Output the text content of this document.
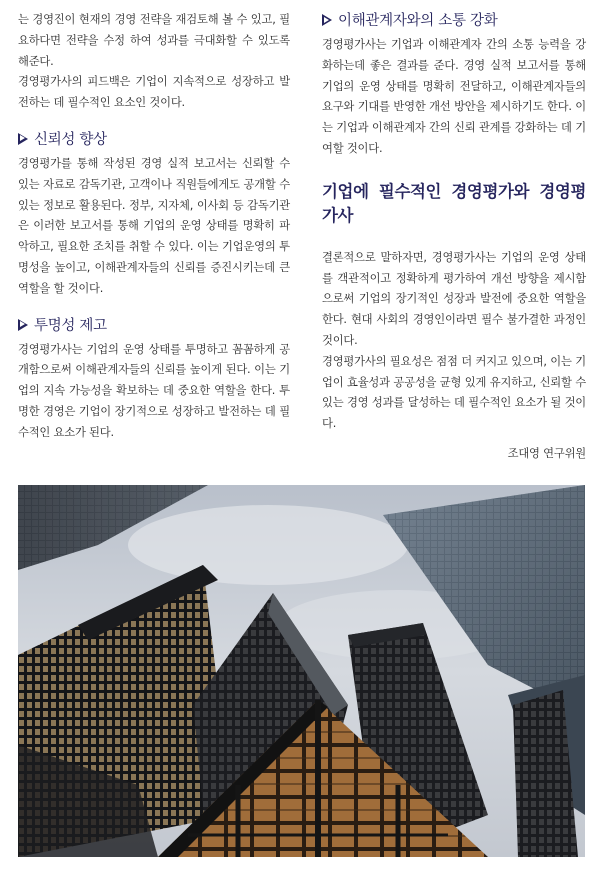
는 경영진이 현재의 경영 전략을 재검토해 볼 수 있고, 필요하다면 전략을 수정 하여 성과를 극대화할 수 있도록 해준다.

경영평가사의 피드백은 기업이 지속적으로 성장하고 발전하는 데 필수적인 요소인 것이다.

신뢰성 향상

경영평가를 통해 작성된 경영 실적 보고서는 신뢰할 수 있는 자료로 감독기관, 고객이나 직원들에게도 공개할 수 있는 정보로 활용된다. 정부, 지자체, 이사회 등 감독기관은 이러한 보고서를 통해 기업의 운영 상태를 명확히 파악하고, 필요한 조치를 취할 수 있다. 이는 기업운영의 투명성을 높이고, 이해관계자들의 신뢰를 증진시키는데 큰 역할을 할 것이다.

투명성 제고

경영평가사는 기업의 운영 상태를 투명하고 꼼꼼하게 공개함으로써 이해관계자들의 신뢰를 높이게 된다. 이는 기업의 지속 가능성을 확보하는 데 중요한 역할을 한다. 투명한 경영은 기업이 장기적으로 성장하고 발전하는 데 필수적인 요소가 된다.

이해관계자와의 소통 강화

경영평가사는 기업과 이해관계자 간의 소통 능력을 강화하는데 좋은 결과를 준다. 경영 실적 보고서를 통해 기업의 운영 상태를 명확히 전달하고, 이해관계자들의 요구와 기대를 반영한 개선 방안을 제시하기도 한다. 이는 기업과 이해관계자 간의 신뢰 관계를 강화하는 데 기여할 것이다.

기업에 필수적인 경영평가와 경영평가사

결론적으로 말하자면, 경영평가사는 기업의 운영 상태를 객관적이고 정확하게 평가하여 개선 방향을 제시함으로써 기업의 장기적인 성장과 발전에 중요한 역할을 한다. 현대 사회의 경영인이라면 필수 불가결한 과정인 것이다.

경영평가사의 필요성은 점점 더 커지고 있으며, 이는 기업이 효율성과 공공성을 균형 있게 유지하고, 신뢰할 수 있는 경영 성과를 달성하는 데 필수적인 요소가 될 것이다.

조대영 연구위원
